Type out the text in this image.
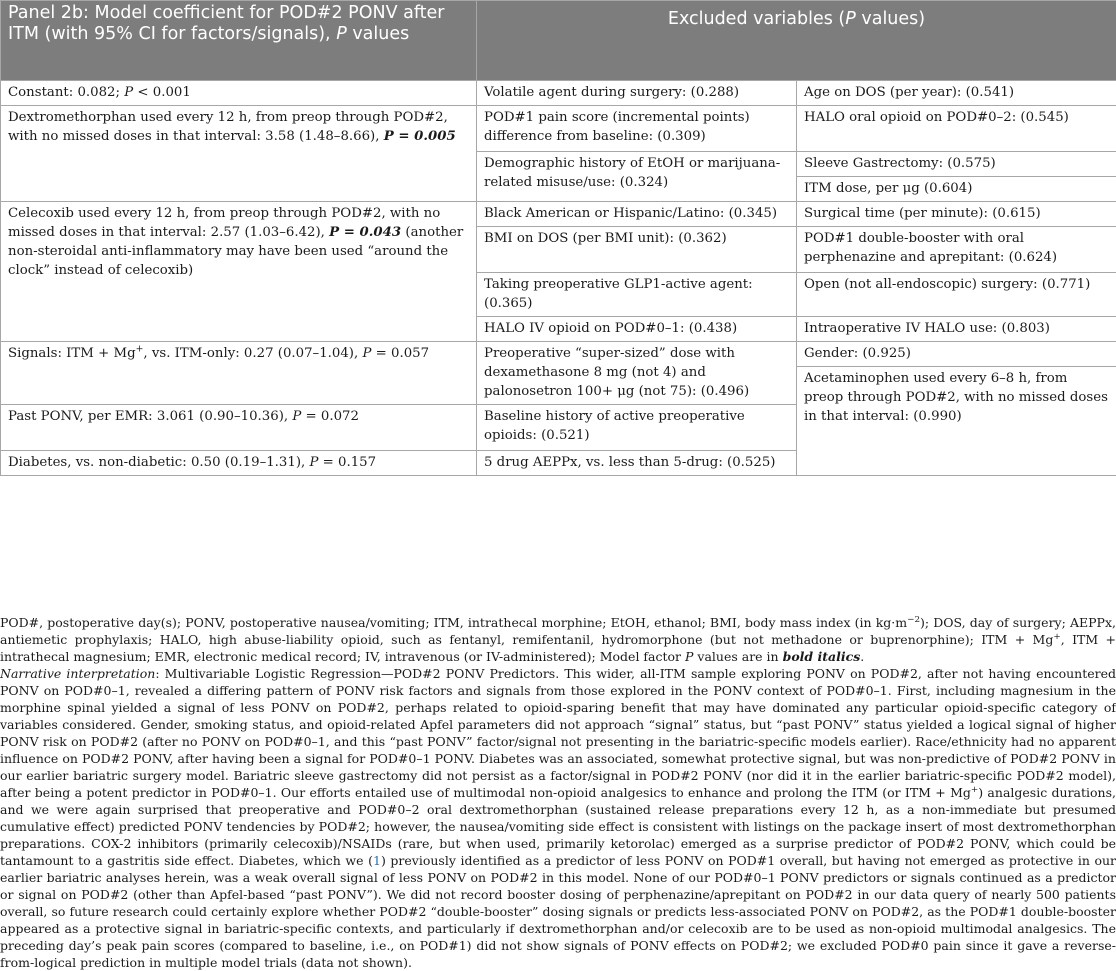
Panel 2b: Model coefficient for POD#2 PONV after ITM (with 95% CI for factors/signals), P values	Excluded variables (P values)	
Constant: 0.082; P < 0.001	Volatile agent during surgery: (0.288)	Age on DOS (per year): (0.541)
Dextromethorphan used every 12 h, from preop through POD#2, with no missed doses in that interval: 3.58 (1.48–8.66), P = 0.005	POD#1 pain score (incremental points) difference from baseline: (0.309)	HALO oral opioid on POD#0–2: (0.545)
	Demographic history of EtOH or marijuana-related misuse/use: (0.324)	Sleeve Gastrectomy: (0.575)
		ITM dose, per μg (0.604)
Celecoxib used every 12 h, from preop through POD#2, with no missed doses in that interval: 2.57 (1.03–6.42), P = 0.043 (another non-steroidal anti-inflammatory may have been used “around the clock” instead of celecoxib)	Black American or Hispanic/Latino: (0.345)	Surgical time (per minute): (0.615)
	BMI on DOS (per BMI unit): (0.362)	POD#1 double-booster with oral perphenazine and aprepitant: (0.624)
	Taking preoperative GLP1-active agent: (0.365)	Open (not all-endoscopic) surgery: (0.771)
	HALO IV opioid on POD#0–1: (0.438)	Intraoperative IV HALO use: (0.803)
Signals: ITM + Mg+, vs. ITM-only: 0.27 (0.07–1.04), P = 0.057	Preoperative “super-sized” dose with dexamethasone 8 mg (not 4) and palonosetron 100+ μg (not 75): (0.496)	Gender: (0.925)
		Acetaminophen used every 6–8 h, from preop through POD#2, with no missed doses in that interval: (0.990)
Past PONV, per EMR: 3.061 (0.90–10.36), P = 0.072	Baseline history of active preoperative opioids: (0.521)	
Diabetes, vs. non-diabetic: 0.50 (0.19–1.31), P = 0.157	5 drug AEPPx, vs. less than 5-drug: (0.525)	

POD#, postoperative day(s); PONV, postoperative nausea/vomiting; ITM, intrathecal morphine; EtOH, ethanol; BMI, body mass index (in $kg\cdot m^{-2}$); DOS, day of surgery; AEPPx, antiemetic prophylaxis; HALO, high abuse-liability opioid, such as fentanyl, remifentanil, hydromorphone (but not methadone or buprenorphine); ITM + Mg+, ITM + intrathecal magnesium; EMR, electronic medical record; IV, intravenous (or IV-administered); Model factor P values are in bold italics.

Narrative interpretation: Multivariable Logistic Regression—POD#2 PONV Predictors. This wider, all-ITM sample exploring PONV on POD#2, after not having encountered PONV on POD#0–1, revealed a differing pattern of PONV risk factors and signals from those explored in the PONV context of POD#0–1. First, including magnesium in the morphine spinal yielded a signal of less PONV on POD#2, perhaps related to opioid-sparing benefit that may have dominated any particular opioid-specific category of variables considered. Gender, smoking status, and opioid-related Apfel parameters did not approach “signal” status, but “past PONV” status yielded a logical signal of higher PONV risk on POD#2 (after no PONV on POD#0–1, and this “past PONV” factor/signal not presenting in the bariatric-specific models earlier). Race/ethnicity had no apparent influence on POD#2 PONV, after having been a signal for POD#0–1 PONV. Diabetes was an associated, somewhat protective signal, but was non-predictive of POD#2 PONV in our earlier bariatric surgery model. Bariatric sleeve gastrectomy did not persist as a factor/signal in POD#2 PONV (nor did it in the earlier bariatric-specific POD#2 model), after being a potent predictor in POD#0–1. Our efforts entailed use of multimodal non-opioid analgesics to enhance and prolong the ITM (or ITM + Mg+) analgesic durations, and we were again surprised that preoperative and POD#0–2 oral dextromethorphan (sustained release preparations every 12 h, as a non-immediate but presumed cumulative effect) predicted PONV tendencies by POD#2; however, the nausea/vomiting side effect is consistent with listings on the package insert of most dextromethorphan preparations. COX-2 inhibitors (primarily celecoxib)/NSAIDs (rare, but when used, primarily ketorolac) emerged as a surprise predictor of POD#2 PONV, which could be tantamount to a gastritis side effect. Diabetes, which we (1) previously identified as a predictor of less PONV on POD#1 overall, but having not emerged as protective in our earlier bariatric analyses herein, was a weak overall signal of less PONV on POD#2 in this model. None of our POD#0–1 PONV predictors or signals continued as a predictor or signal on POD#2 (other than Apfel-based “past PONV”). We did not record booster dosing of perphenazine/aprepitant on POD#2 in our data query of nearly 500 patients overall, so future research could certainly explore whether POD#2 “double-booster” dosing signals or predicts less-associated PONV on POD#2, as the POD#1 double-booster appeared as a protective signal in bariatric-specific contexts, and particularly if dextromethorphan and/or celecoxib are to be used as non-opioid multimodal analgesics. The preceding day’s peak pain scores (compared to baseline, i.e., on POD#1) did not show signals of PONV effects on POD#2; we excluded POD#0 pain since it gave a reverse-from-logical prediction in multiple model trials (data not shown).
